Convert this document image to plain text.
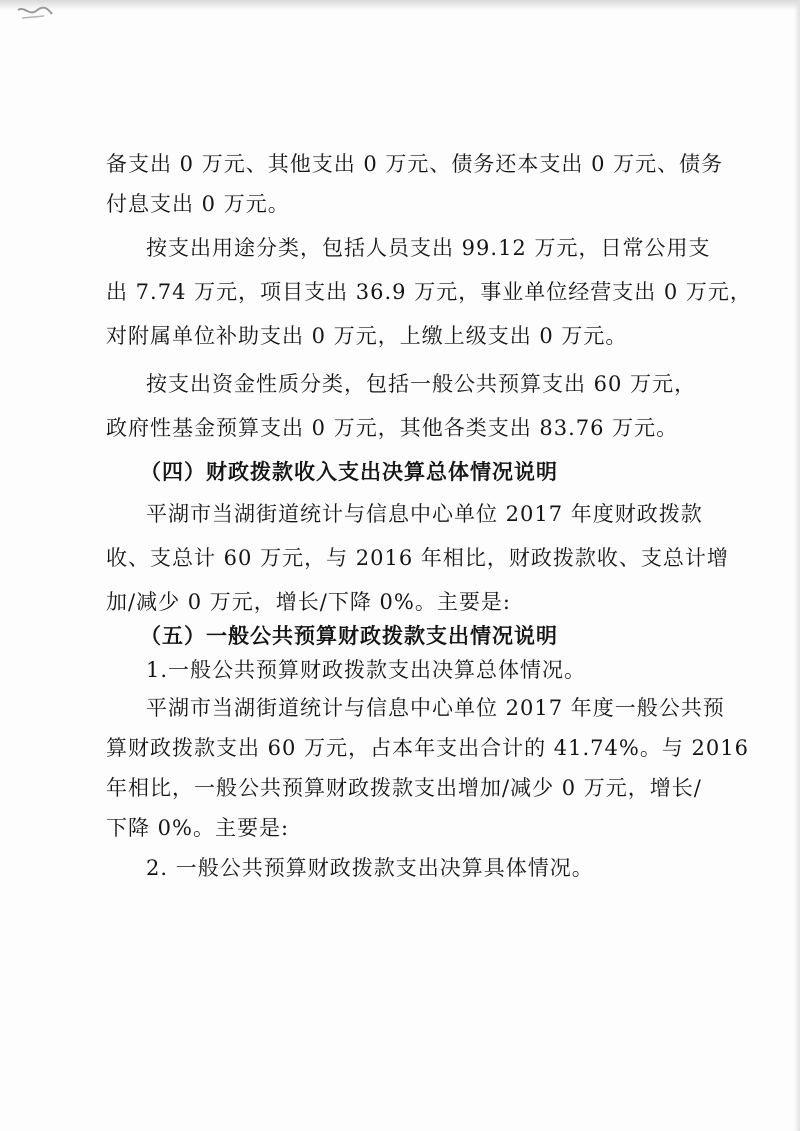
备支出 0 万元、其他支出 0 万元、债务还本支出 0 万元、债务
付息支出 0 万元。
按支出用途分类，包括人员支出 99.12 万元，日常公用支
出 7.74 万元，项目支出 36.9 万元，事业单位经营支出 0 万元，
对附属单位补助支出 0 万元，上缴上级支出 0 万元。
按支出资金性质分类，包括一般公共预算支出 60 万元，
政府性基金预算支出 0 万元，其他各类支出 83.76 万元。
（四）财政拨款收入支出决算总体情况说明
平湖市当湖街道统计与信息中心单位 2017 年度财政拨款
收、支总计 60 万元，与 2016 年相比，财政拨款收、支总计增
加/减少 0 万元，增长/下降 0%。主要是:
（五）一般公共预算财政拨款支出情况说明
1.一般公共预算财政拨款支出决算总体情况。
平湖市当湖街道统计与信息中心单位 2017 年度一般公共预
算财政拨款支出 60 万元，占本年支出合计的 41.74%。与 2016
年相比，一般公共预算财政拨款支出增加/减少 0 万元，增长/
下降 0%。主要是:
2. 一般公共预算财政拨款支出决算具体情况。
